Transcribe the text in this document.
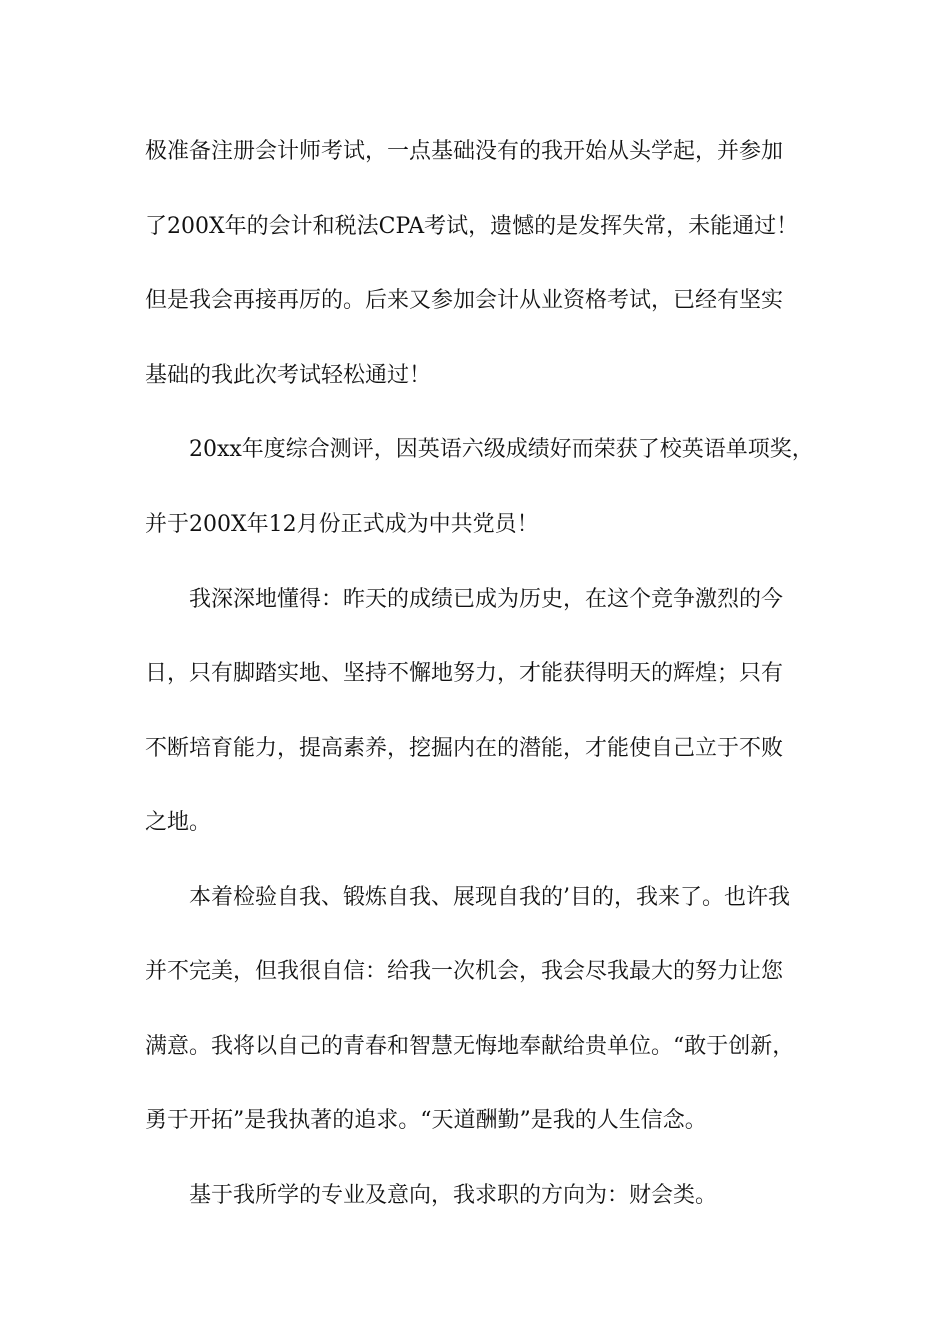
极准备注册会计师考试，一点基础没有的我开始从头学起，并参加
了200X年的会计和税法CPA考试，遗憾的是发挥失常，未能通过！
但是我会再接再厉的。后来又参加会计从业资格考试，已经有坚实
基础的我此次考试轻松通过！
20xx年度综合测评，因英语六级成绩好而荣获了校英语单项奖，
并于200X年12月份正式成为中共党员！
我深深地懂得：昨天的成绩已成为历史，在这个竞争激烈的今
日，只有脚踏实地、坚持不懈地努力，才能获得明天的辉煌；只有
不断培育能力，提高素养，挖掘内在的潜能，才能使自己立于不败
之地。
本着检验自我、锻炼自我、展现自我的’目的，我来了。也许我
并不完美，但我很自信：给我一次机会，我会尽我最大的努力让您
满意。我将以自己的青春和智慧无悔地奉献给贵单位。“敢于创新，
勇于开拓”是我执著的追求。“天道酬勤”是我的人生信念。
基于我所学的专业及意向，我求职的方向为：财会类。
